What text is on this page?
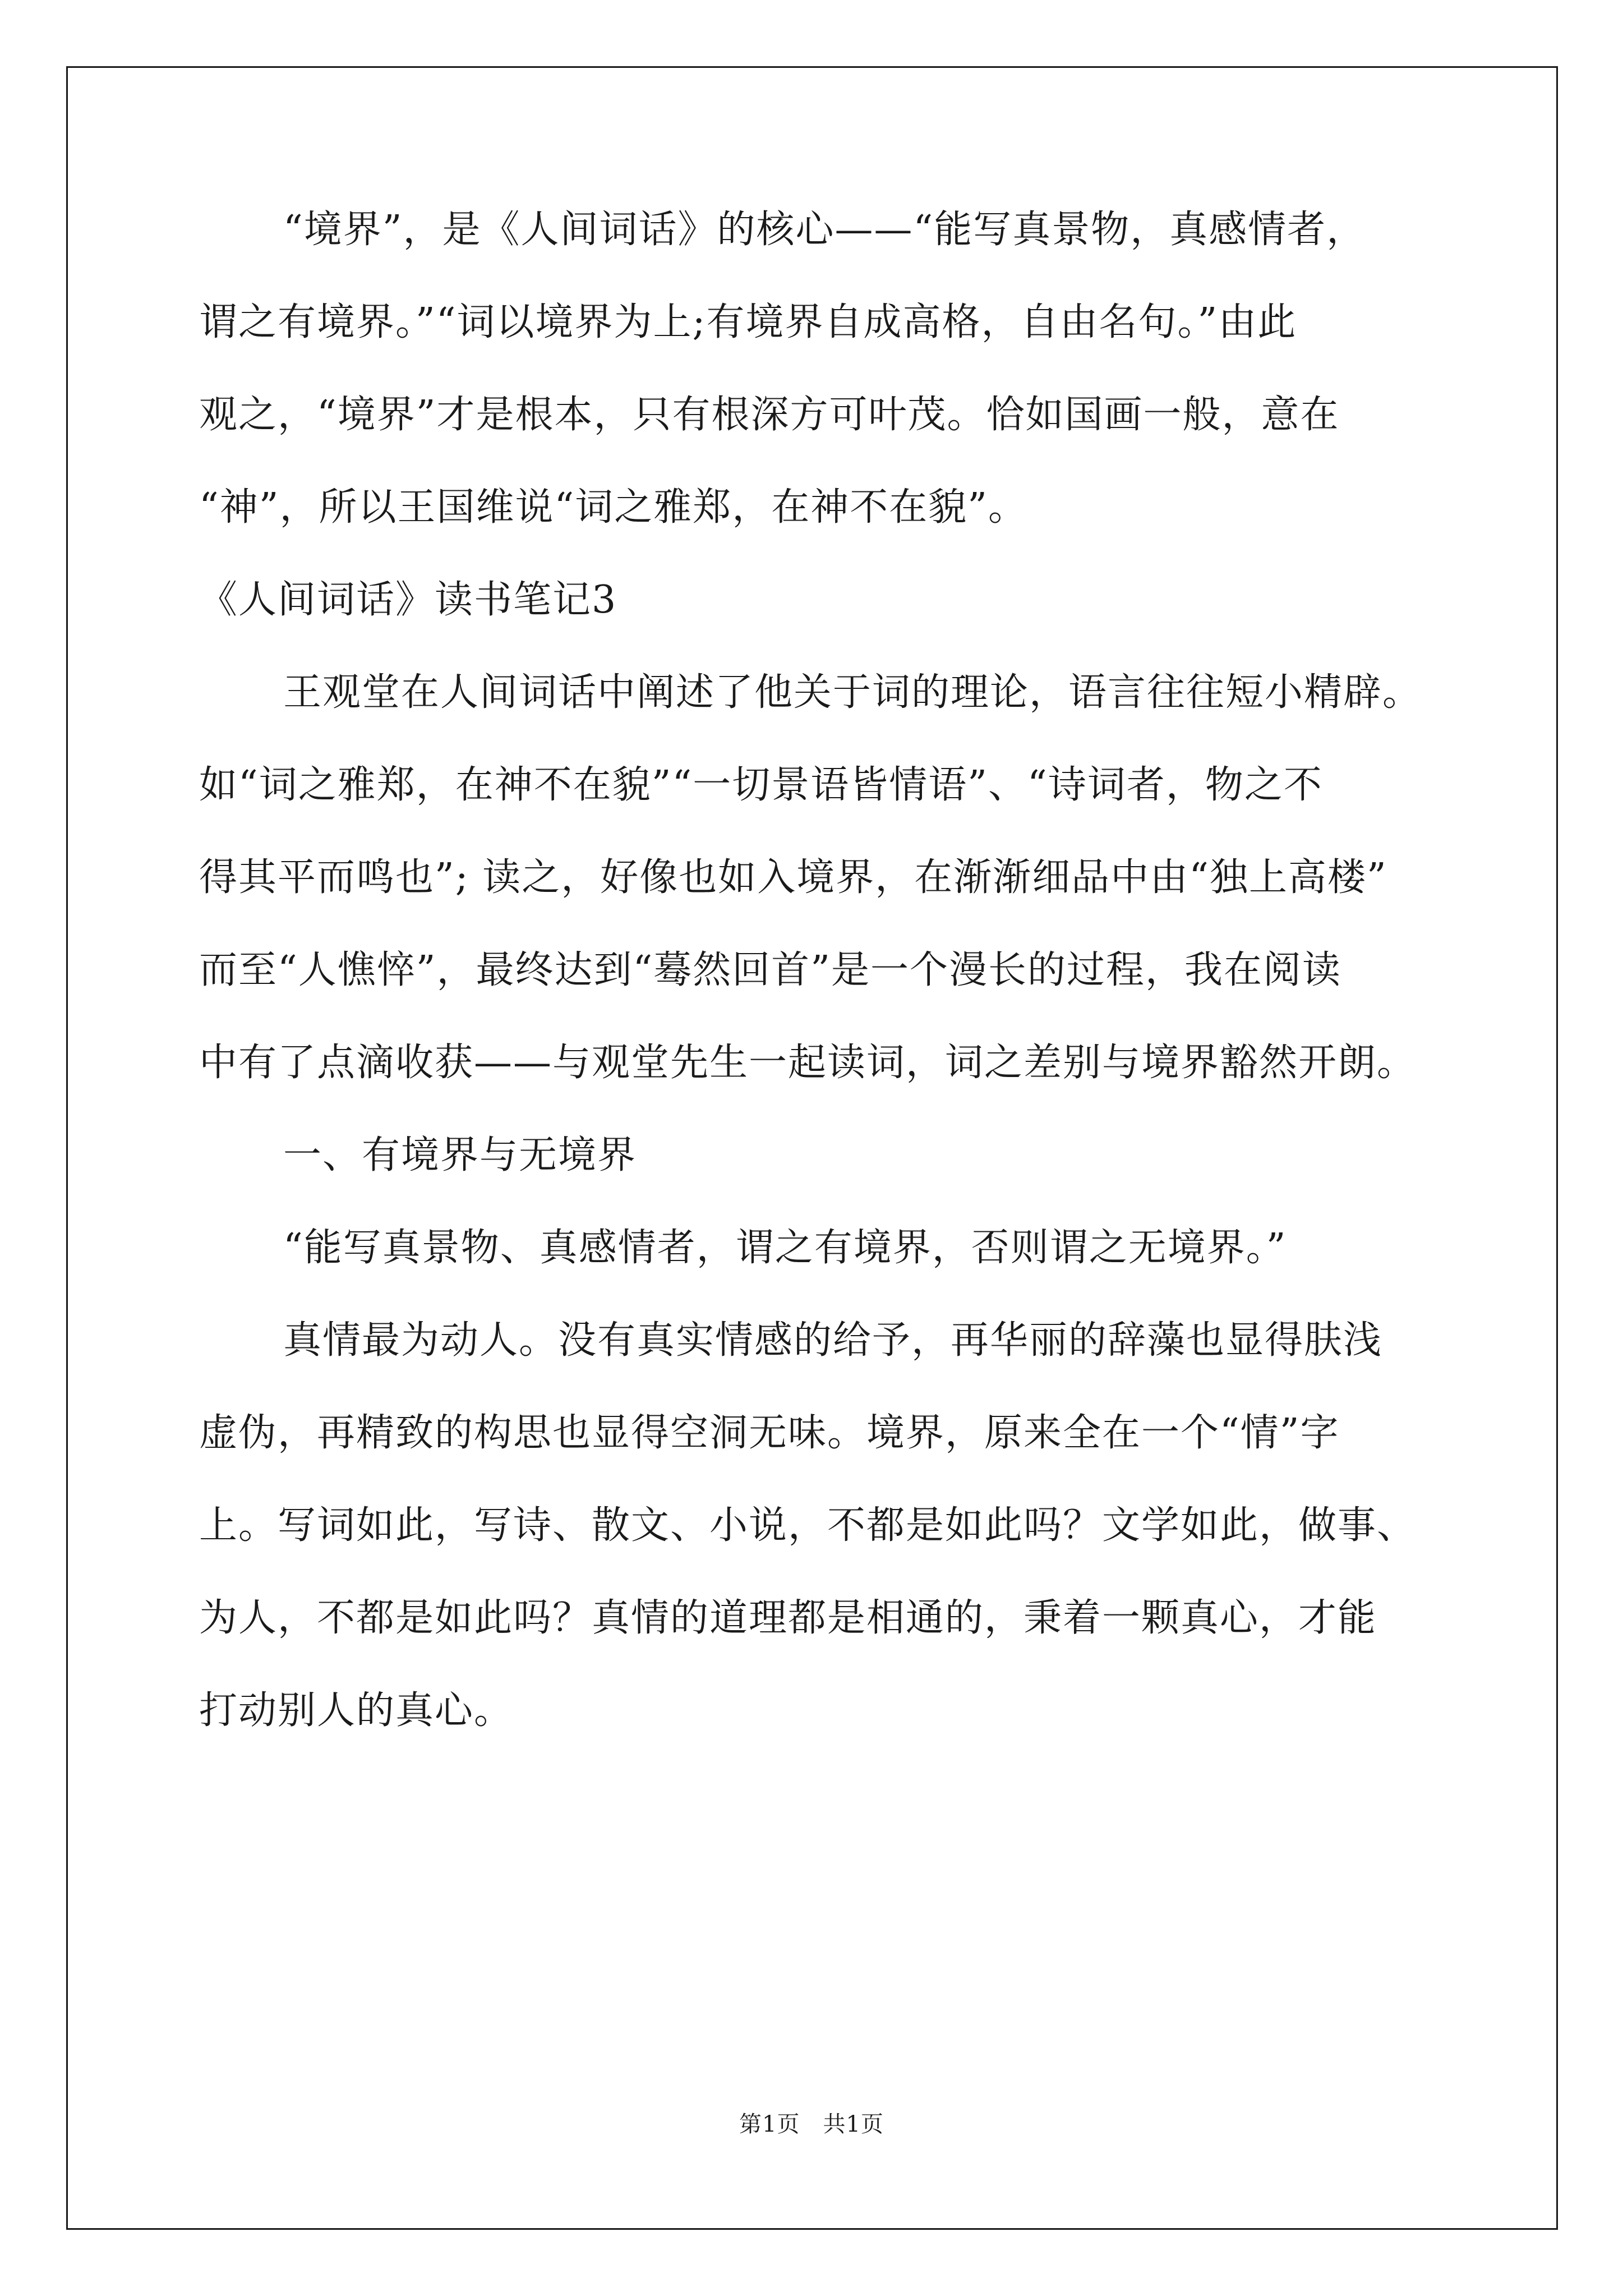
“境界”，是《人间词话》的核心——“能写真景物，真感情者，
谓之有境界。”“词以境界为上;有境界自成高格，自由名句。”由此
观之，“境界”才是根本，只有根深方可叶茂。恰如国画一般，意在
“神”，所以王国维说“词之雅郑，在神不在貌”。
《人间词话》读书笔记3
王观堂在人间词话中阐述了他关于词的理论，语言往往短小精辟。
如“词之雅郑，在神不在貌”“一切景语皆情语”、“诗词者，物之不
得其平而鸣也”; 读之，好像也如入境界，在渐渐细品中由“独上高楼”
而至“人憔悴”，最终达到“蓦然回首”是一个漫长的过程，我在阅读
中有了点滴收获——与观堂先生一起读词，词之差别与境界豁然开朗。
一、有境界与无境界
“能写真景物、真感情者，谓之有境界，否则谓之无境界。”
真情最为动人。没有真实情感的给予，再华丽的辞藻也显得肤浅
虚伪，再精致的构思也显得空洞无味。境界，原来全在一个“情”字
上。写词如此，写诗、散文、小说，不都是如此吗？文学如此，做事、
为人，不都是如此吗？真情的道理都是相通的，秉着一颗真心，才能
打动别人的真心。
第1页　共1页
